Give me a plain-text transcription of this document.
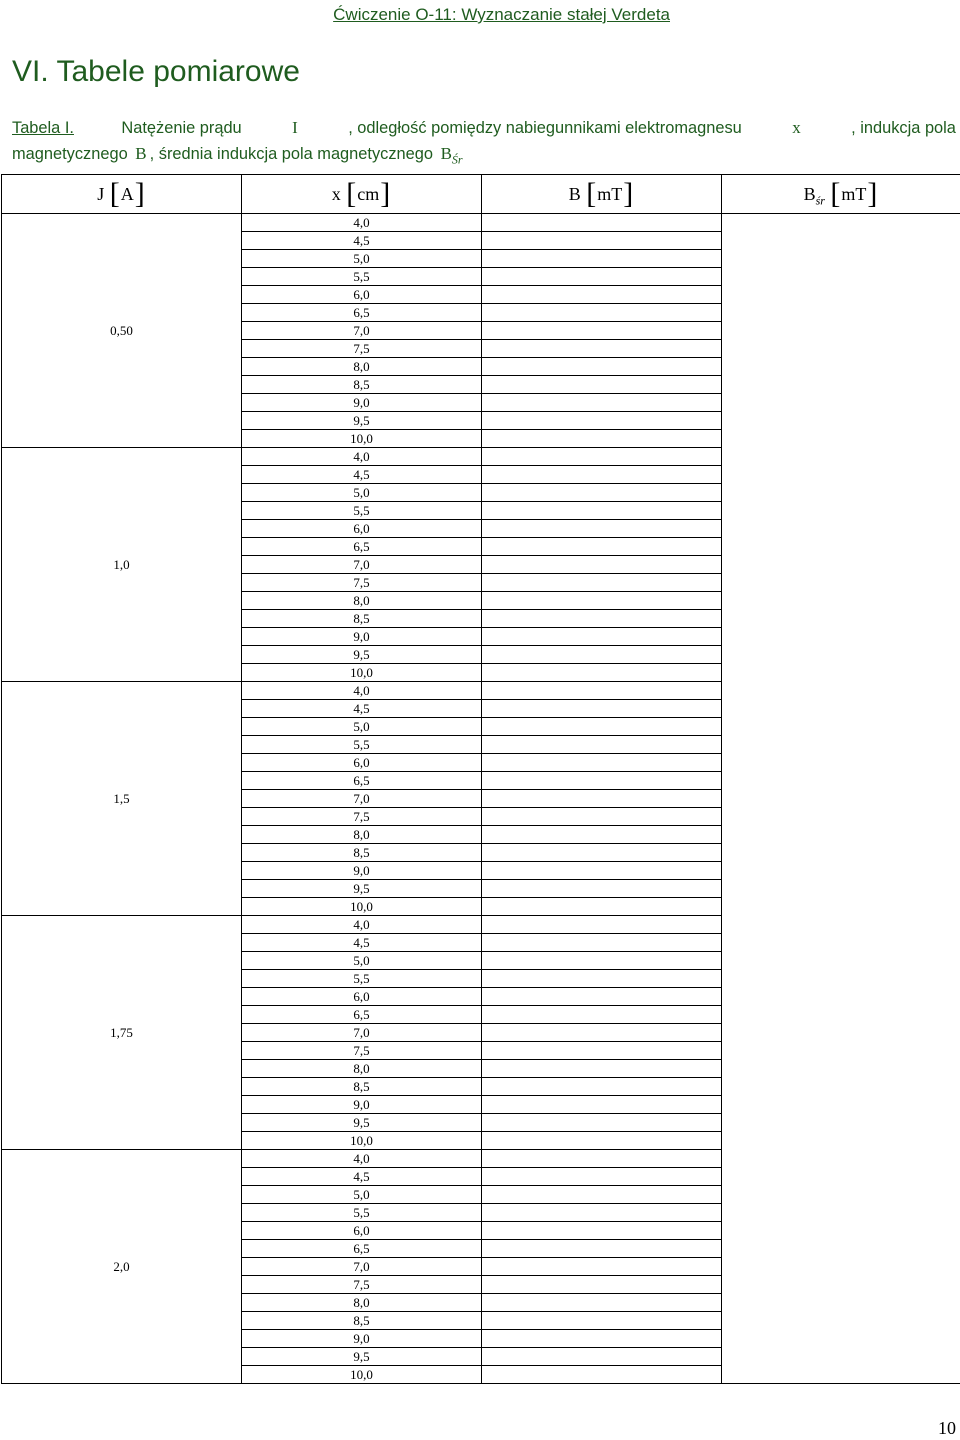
Ćwiczenie O-11: Wyznaczanie stałej Verdeta
VI. Tabele pomiarowe
Tabela I.	Natężenie prądu	I	, odległość pomiędzy nabiegunnikami elektromagnesu	x	, indukcja pola
magnetycznego B , średnia indukcja pola magnetycznego $B_{Śr}$
J [A]	x [cm]	B [mT]	$B_{śr}$ [mT]
0,50	4,0		
	4,5		
	5,0		
	5,5		
	6,0		
	6,5		
	7,0		
	7,5		
	8,0		
	8,5		
	9,0		
	9,5		
	10,0		
1,0	4,0		
	4,5		
	5,0		
	5,5		
	6,0		
	6,5		
	7,0		
	7,5		
	8,0		
	8,5		
	9,0		
	9,5		
	10,0		
1,5	4,0		
	4,5		
	5,0		
	5,5		
	6,0		
	6,5		
	7,0		
	7,5		
	8,0		
	8,5		
	9,0		
	9,5		
	10,0		
1,75	4,0		
	4,5		
	5,0		
	5,5		
	6,0		
	6,5		
	7,0		
	7,5		
	8,0		
	8,5		
	9,0		
	9,5		
	10,0		
2,0	4,0		
	4,5		
	5,0		
	5,5		
	6,0		
	6,5		
	7,0		
	7,5		
	8,0		
	8,5		
	9,0		
	9,5		
	10,0		
10
